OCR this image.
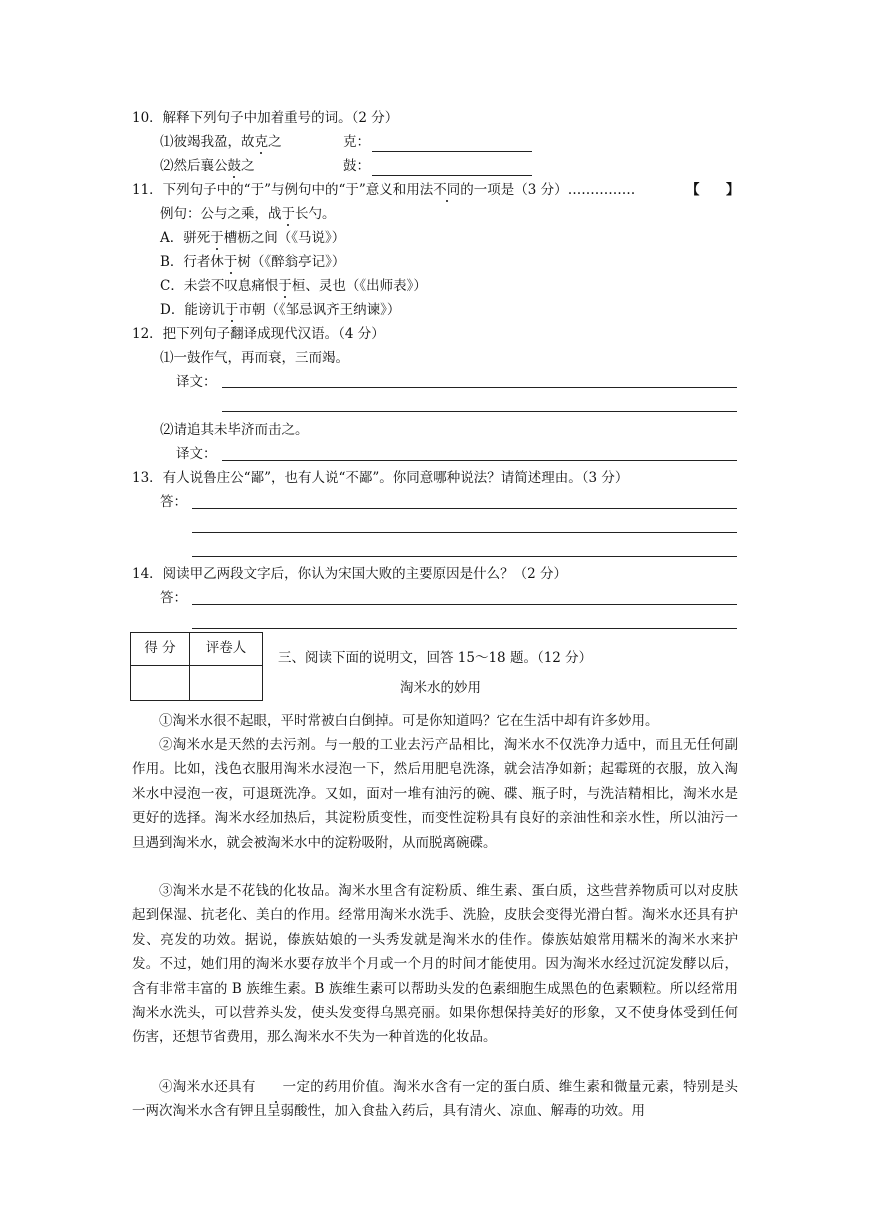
10．解释下列句子中加着重号的词。（2 分）
⑴彼竭我盈，故克之	克：
⑵然后襄公鼓之	鼓：
11．下列句子中的“于”与例句中的“于”意义和用法不同的一项是（3 分）……………	【 】
例句：公与之乘，战于长勺。
A．骈死于槽枥之间（《马说》）
B．行者休于树（《醉翁亭记》）
C．未尝不叹息痛恨于桓、灵也（《出师表》）
D．能谤讥于市朝（《邹忌讽齐王纳谏》）
12．把下列句子翻译成现代汉语。（4 分）
⑴一鼓作气，再而衰，三而竭。
译文：
⑵请追其未毕济而击之。
译文：
13．有人说鲁庄公“鄙”，也有人说“不鄙”。你同意哪种说法？请简述理由。（3 分）
答：
14．阅读甲乙两段文字后，你认为宋国大败的主要原因是什么？（2 分）
答：
得 分	评卷人

三、阅读下面的说明文，回答 15～18 题。（12 分）
淘米水的妙用
①淘米水很不起眼，平时常被白白倒掉。可是你知道吗？它在生活中却有许多妙用。
②淘米水是天然的去污剂。与一般的工业去污产品相比，淘米水不仅洗净力适中，而且无任何副作用。比如，浅色衣服用淘米水浸泡一下，然后用肥皂洗涤，就会洁净如新；起霉斑的衣服，放入淘米水中浸泡一夜，可退斑洗净。又如，面对一堆有油污的碗、碟、瓶子时，与洗洁精相比，淘米水是更好的选择。淘米水经加热后，其淀粉质变性，而变性淀粉具有良好的亲油性和亲水性，所以油污一旦遇到淘米水，就会被淘米水中的淀粉吸附，从而脱离碗碟。
③淘米水是不花钱的化妆品。淘米水里含有淀粉质、维生素、蛋白质，这些营养物质可以对皮肤起到保湿、抗老化、美白的作用。经常用淘米水洗手、洗脸，皮肤会变得光滑白皙。淘米水还具有护发、亮发的功效。据说，傣族姑娘的一头秀发就是淘米水的佳作。傣族姑娘常用糯米的淘米水来护发。不过，她们用的淘米水要存放半个月或一个月的时间才能使用。因为淘米水经过沉淀发酵以后，含有非常丰富的 B 族维生素。B 族维生素可以帮助头发的色素细胞生成黑色的色素颗粒。所以经常用淘米水洗头，可以营养头发，使头发变得乌黑亮丽。如果你想保持美好的形象，又不使身体受到任何伤害，还想节省费用，那么淘米水不失为一种首选的化妆品。
④淘米水还具有 一定的药用价值。淘米水含有一定的蛋白质、维生素和微量元素，特别是头一两次淘米水含有钾且呈弱酸性，加入食盐入药后，具有清火、凉血、解毒的功效。用
